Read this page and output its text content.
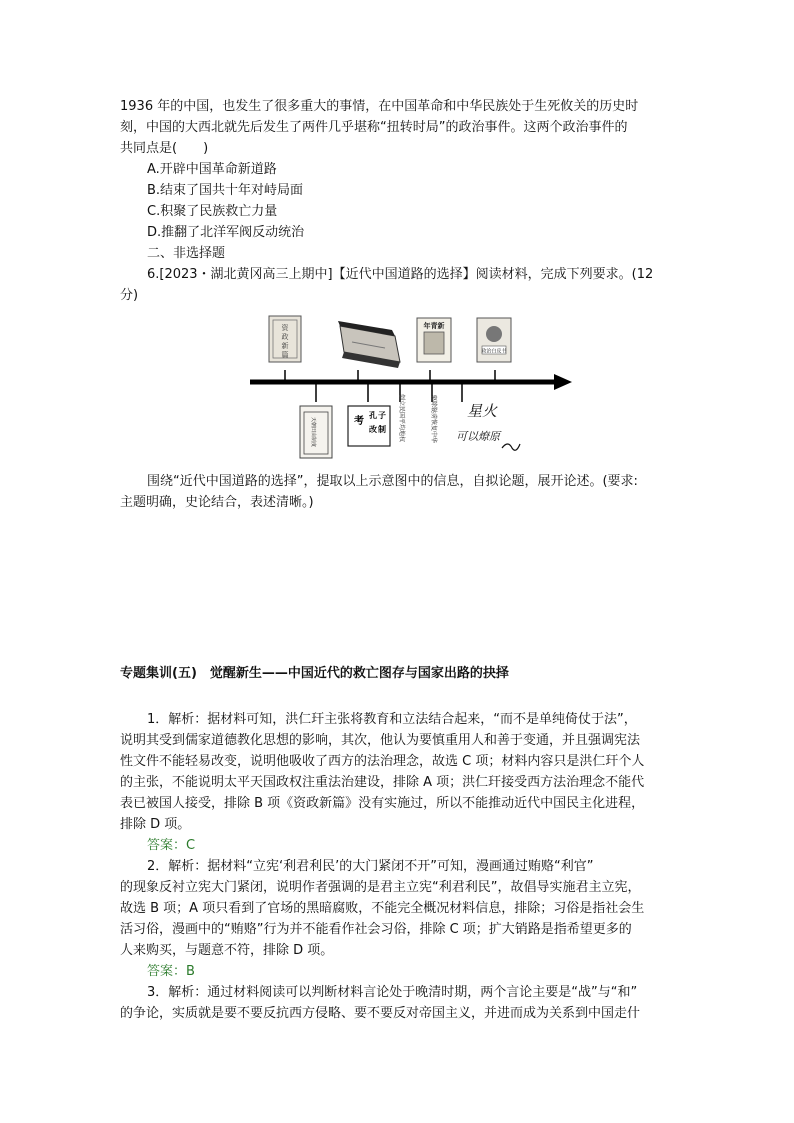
1936 年的中国，也发生了很多重大的事情，在中国革命和中华民族处于生死攸关的历史时
刻，中国的大西北就先后发生了两件几乎堪称“扭转时局”的政治事件。这两个政治事件的
共同点是(　　)
A.开辟中国革命新道路
B.结束了国共十年对峙局面
C.积聚了民族救亡力量
D.推翻了北洋军阀反动统治
二、非选择题
6.[2023・湖北黄冈高三上期中]【近代中国道路的选择】阅读材料，完成下列要求。(12
分)
资
政
新
篇
年青新
政治白皮书
天朝田亩制度	考
孔 子
改 制 创立民国平均地权	驱除鞑虏恢复中华 星火
可以燎原
围绕“近代中国道路的选择”，提取以上示意图中的信息，自拟论题，展开论述。(要求:
主题明确，史论结合，表述清晰。)
专题集训(五)　觉醒新生——中国近代的救亡图存与国家出路的抉择
1．解析：据材料可知，洪仁玕主张将教育和立法结合起来，“而不是单纯倚仗于法”，
说明其受到儒家道德教化思想的影响，其次，他认为要慎重用人和善于变通，并且强调宪法
性文件不能轻易改变，说明他吸收了西方的法治理念，故选 C 项；材料内容只是洪仁玕个人
的主张，不能说明太平天国政权注重法治建设，排除 A 项；洪仁玕接受西方法治理念不能代
表已被国人接受，排除 B 项《资政新篇》没有实施过，所以不能推动近代中国民主化进程，
排除 D 项。
答案：C
2．解析：据材料“立宪‘利君利民’的大门紧闭不开”可知，漫画通过贿赂“利官”
的现象反衬立宪大门紧闭，说明作者强调的是君主立宪“利君利民”，故倡导实施君主立宪，
故选 B 项；A 项只看到了官场的黑暗腐败，不能完全概况材料信息，排除；习俗是指社会生
活习俗，漫画中的“贿赂”行为并不能看作社会习俗，排除 C 项；扩大销路是指希望更多的
人来购买，与题意不符，排除 D 项。
答案：B
3．解析：通过材料阅读可以判断材料言论处于晚清时期，两个言论主要是“战”与“和”
的争论，实质就是要不要反抗西方侵略、要不要反对帝国主义，并进而成为关系到中国走什
